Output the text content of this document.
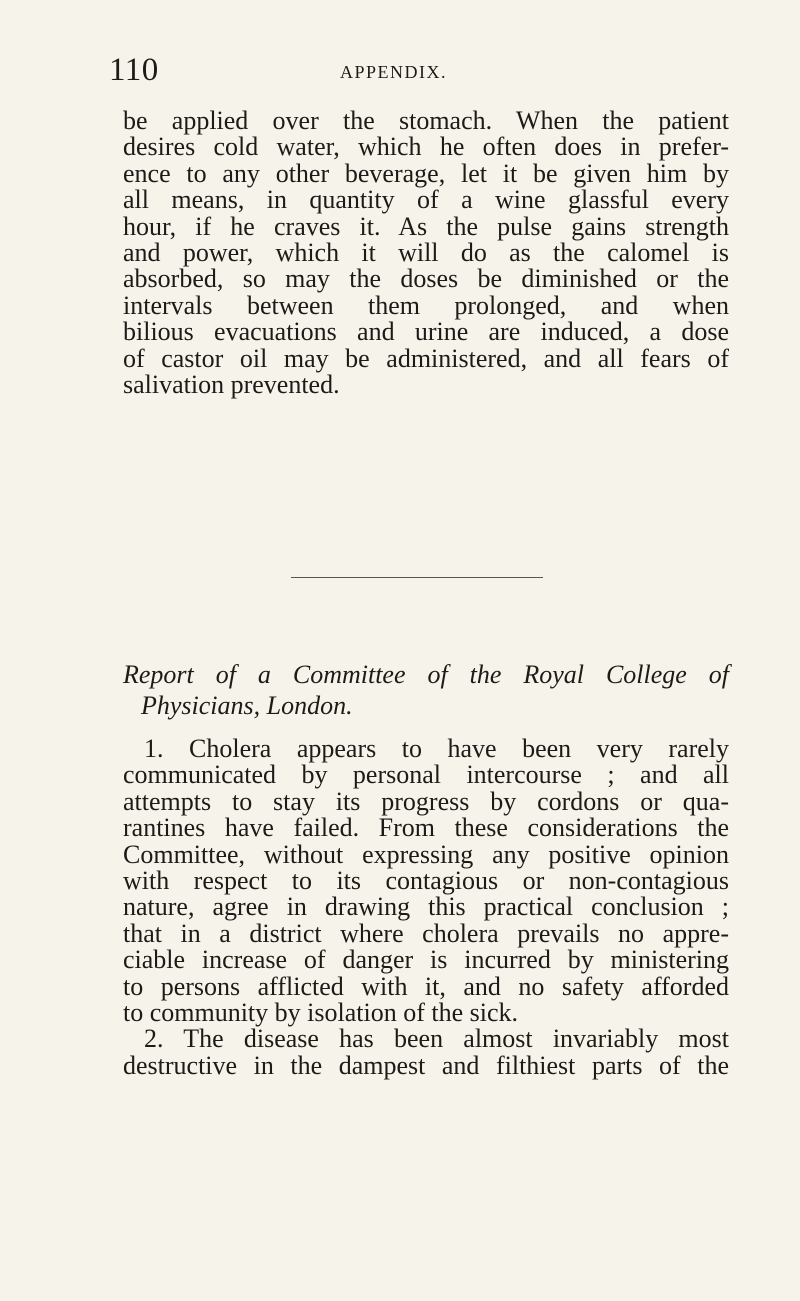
110	APPENDIX.
be applied over the stomach. When the patient
desires cold water, which he often does in prefer-
ence to any other beverage, let it be given him by
all means, in quantity of a wine glassful every
hour, if he craves it. As the pulse gains strength
and power, which it will do as the calomel is
absorbed, so may the doses be diminished or the
intervals between them prolonged, and when
bilious evacuations and urine are induced, a dose
of castor oil may be administered, and all fears of
salivation prevented.
Report of a Committee of the Royal College of
Physicians, London.
1. Cholera appears to have been very rarely
communicated by personal intercourse ; and all
attempts to stay its progress by cordons or qua-
rantines have failed. From these considerations the
Committee, without expressing any positive opinion
with respect to its contagious or non-contagious
nature, agree in drawing this practical conclusion ;
that in a district where cholera prevails no appre-
ciable increase of danger is incurred by ministering
to persons afflicted with it, and no safety afforded
to community by isolation of the sick.
2. The disease has been almost invariably most
destructive in the dampest and filthiest parts of the
